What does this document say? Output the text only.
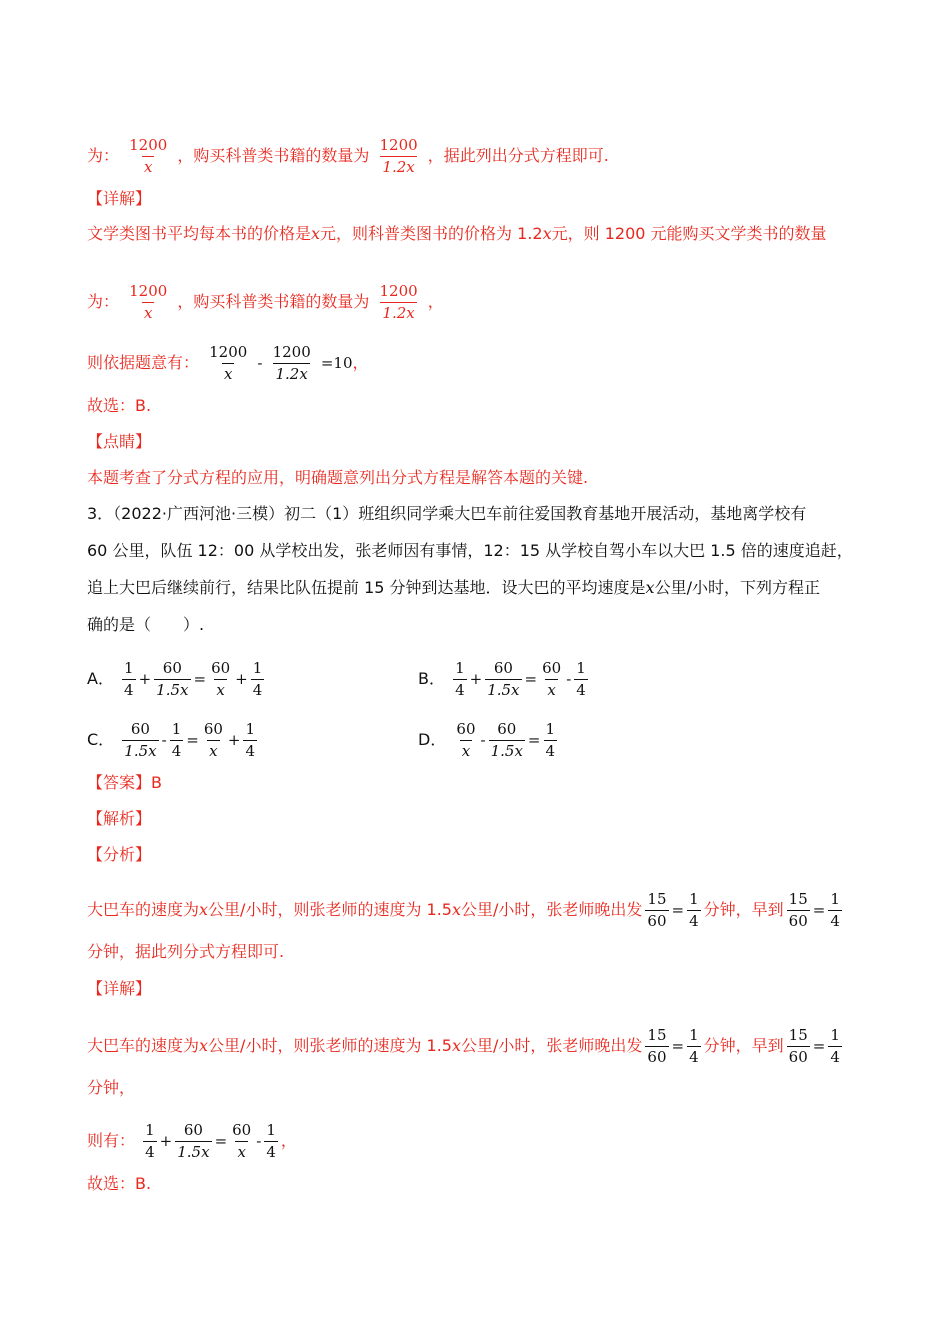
为： $\frac{1200}{x}$ ，购买科普类书籍的数量为 $\frac{1200}{1.2x}$ ，据此列出分式方程即可.
【详解】
文学类图书平均每本书的价格是x元，则科普类图书的价格为 1.2x元，则 1200 元能购买文学类书的数量
为： $\frac{1200}{x}$ ，购买科普类书籍的数量为 $\frac{1200}{1.2x}$ ，
则依据题意有： $\frac{1200}{x} - \frac{1200}{1.2x} =10$，
故选：B.
【点睛】
本题考查了分式方程的应用，明确题意列出分式方程是解答本题的关键.
3．（2022·广西河池·三模）初二（1）班组织同学乘大巴车前往爱国教育基地开展活动，基地离学校有
60 公里，队伍 12：00 从学校出发，张老师因有事情，12：15 从学校自驾小车以大巴 1.5 倍的速度追赶，
追上大巴后继续前行，结果比队伍提前 15 分钟到达基地．设大巴的平均速度是x公里/小时，下列方程正
确的是（　　）.
A． $\frac{1}{4} + \frac{60}{1.5x} = \frac{60}{x} + \frac{1}{4}$	B． $\frac{1}{4} + \frac{60}{1.5x} = \frac{60}{x} - \frac{1}{4}$
C． $\frac{60}{1.5x} - \frac{1}{4} = \frac{60}{x} + \frac{1}{4}$	D． $\frac{60}{x} - \frac{60}{1.5x} = \frac{1}{4}$
【答案】B
【解析】
【分析】
大巴车的速度为x公里/小时，则张老师的速度为 1.5x公里/小时，张老师晚出发 $\frac{15}{60} = \frac{1}{4}$ 分钟，早到 $\frac{15}{60} = \frac{1}{4}$
分钟，据此列分式方程即可.
【详解】
大巴车的速度为x公里/小时，则张老师的速度为 1.5x公里/小时，张老师晚出发 $\frac{15}{60} = \frac{1}{4}$ 分钟，早到 $\frac{15}{60} = \frac{1}{4}$
分钟，
则有： $\frac{1}{4} + \frac{60}{1.5x} = \frac{60}{x} - \frac{1}{4}$ ，
故选：B.
